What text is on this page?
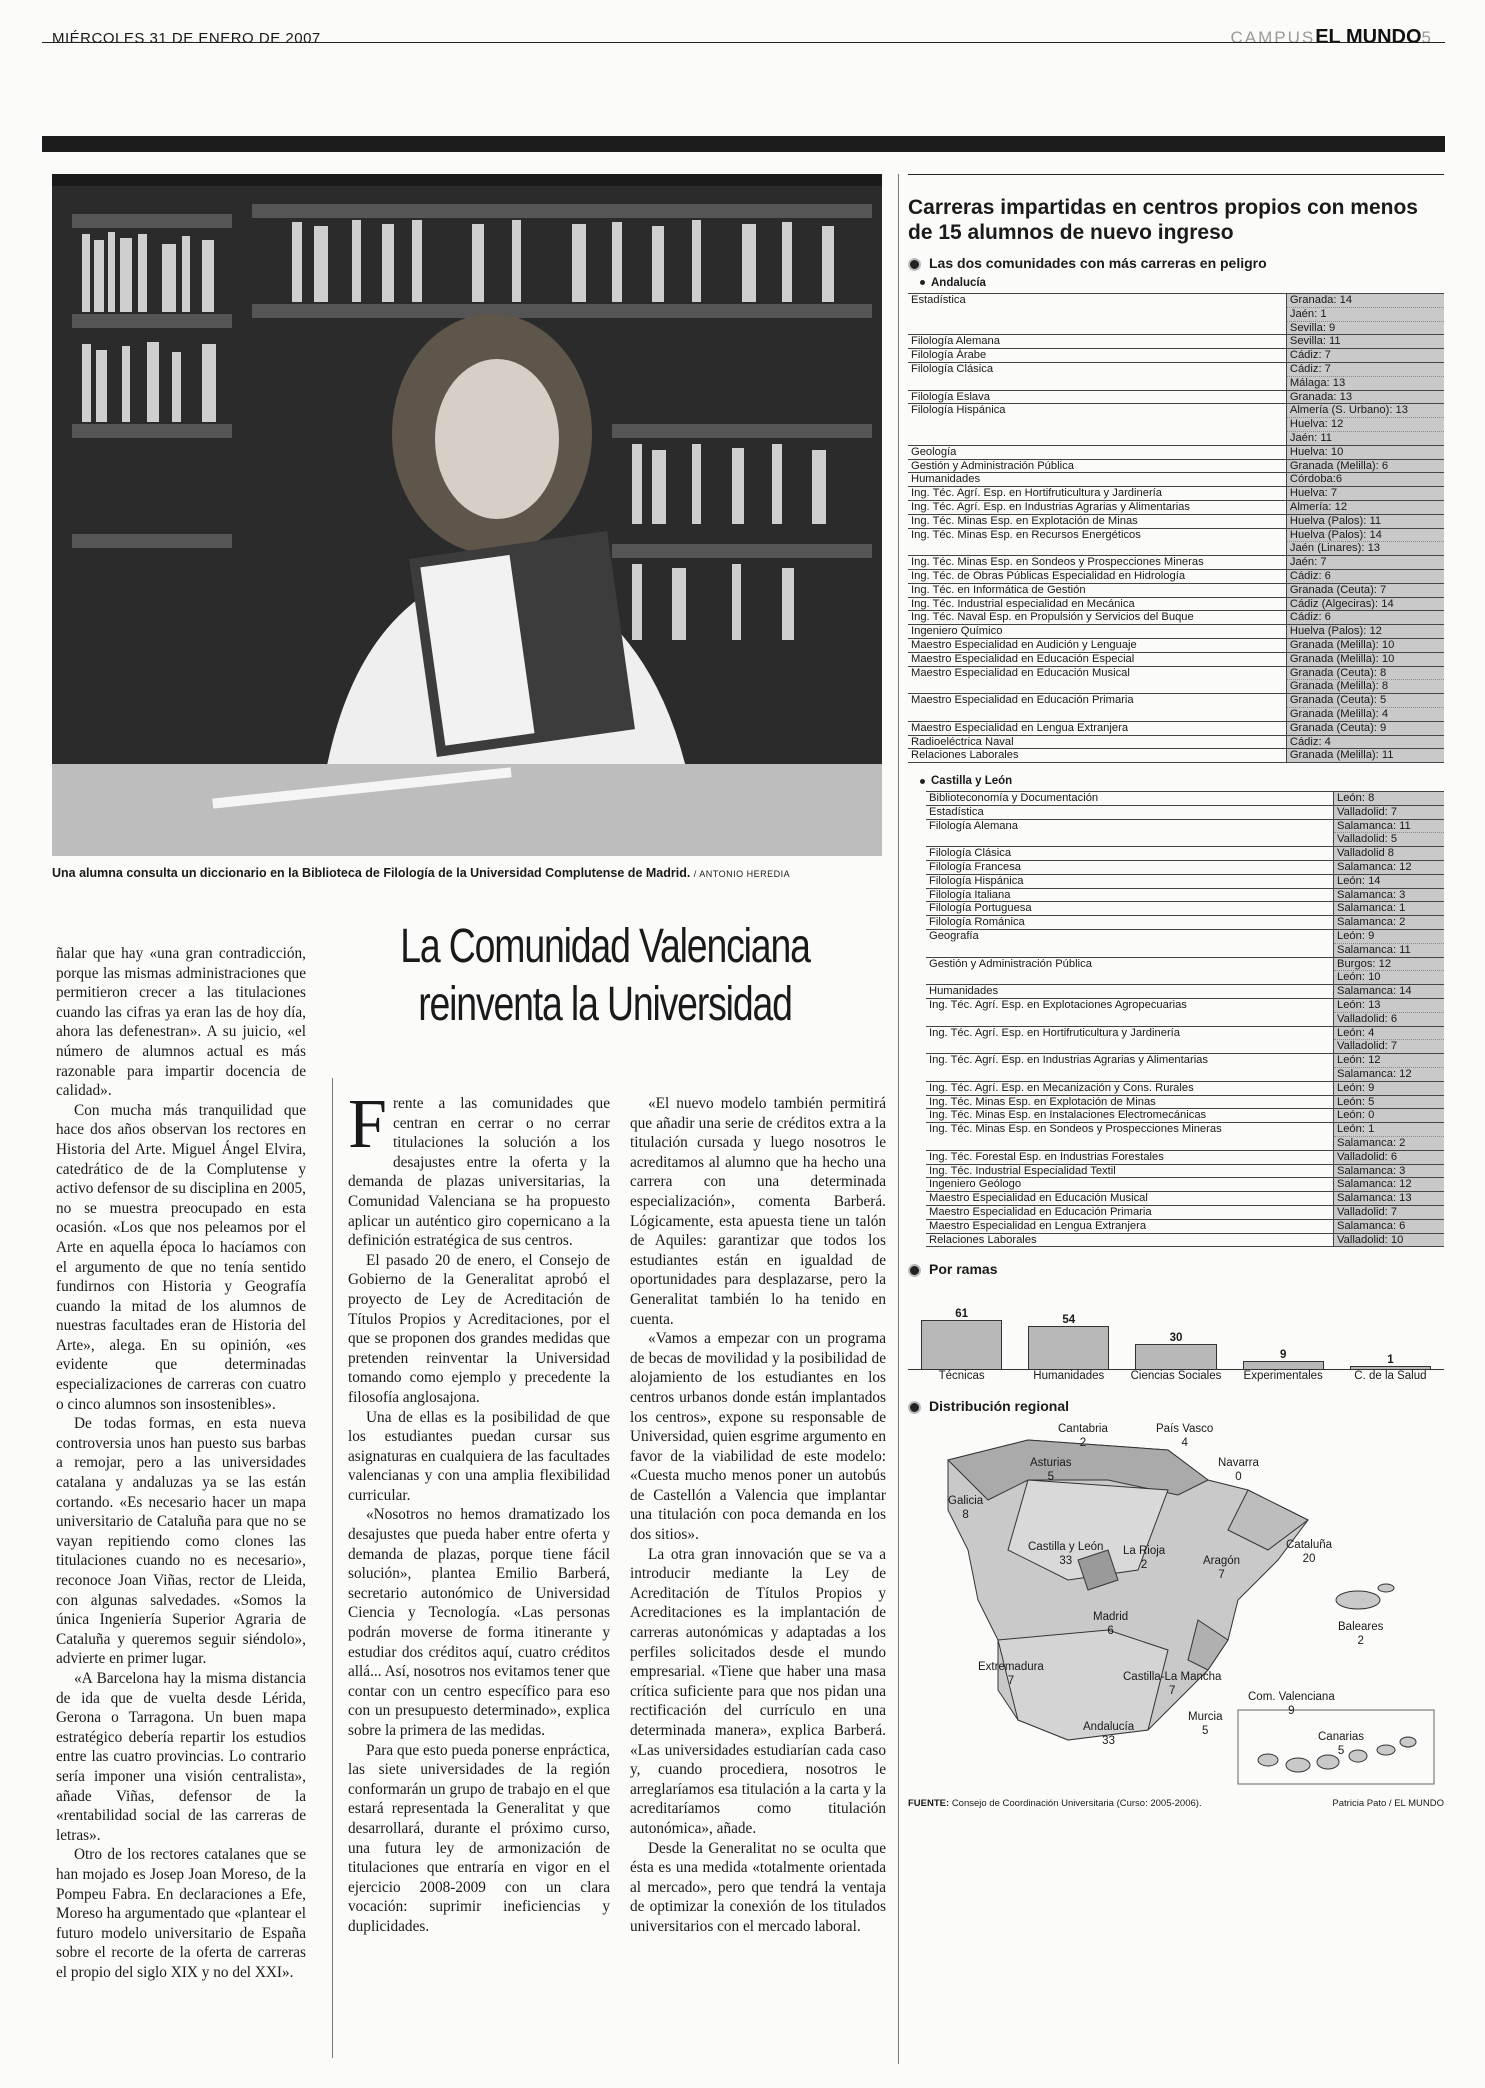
MIÉRCOLES 31 DE ENERO DE 2007	CAMPUSEL MUNDO5
Una alumna consulta un diccionario en la Biblioteca de Filología de la Universidad Complutense de Madrid. / ANTONIO HEREDIA
La Comunidad Valenciana reinventa la Universidad

ñalar que hay «una gran contradicción, porque las mismas administraciones que permitieron crecer a las titulaciones cuando las cifras ya eran las de hoy día, ahora las defenestran». A su juicio, «el número de alumnos actual es más razonable para impartir docencia de calidad».

Con mucha más tranquilidad que hace dos años observan los rectores en Historia del Arte. Miguel Ángel Elvira, catedrático de de la Complutense y activo defensor de su disciplina en 2005, no se muestra preocupado en esta ocasión. «Los que nos peleamos por el Arte en aquella época lo hacíamos con el argumento de que no tenía sentido fundirnos con Historia y Geografía cuando la mitad de los alumnos de nuestras facultades eran de Historia del Arte», alega. En su opinión, «es evidente que determinadas especializaciones de carreras con cuatro o cinco alumnos son insostenibles».

De todas formas, en esta nueva controversia unos han puesto sus barbas a remojar, pero a las universidades catalana y andaluzas ya se las están cortando. «Es necesario hacer un mapa universitario de Cataluña para que no se vayan repitiendo como clones las titulaciones cuando no es necesario», reconoce Joan Viñas, rector de Lleida, con algunas salvedades. «Somos la única Ingeniería Superior Agraria de Cataluña y queremos seguir siéndolo», advierte en primer lugar.

«A Barcelona hay la misma distancia de ida que de vuelta desde Lérida, Gerona o Tarragona. Un buen mapa estratégico debería repartir los estudios entre las cuatro provincias. Lo contrario sería imponer una visión centralista», añade Viñas, defensor de la «rentabilidad social de las carreras de letras».

Otro de los rectores catalanes que se han mojado es Josep Joan Moreso, de la Pompeu Fabra. En declaraciones a Efe, Moreso ha argumentado que «plantear el futuro modelo universitario de España sobre el recorte de la oferta de carreras el propio del siglo XIX y no del XXI».

Frente a las comunidades que centran en cerrar o no cerrar titulaciones la solución a los desajustes entre la oferta y la demanda de plazas universitarias, la Comunidad Valenciana se ha propuesto aplicar un auténtico giro copernicano a la definición estratégica de sus centros.

El pasado 20 de enero, el Consejo de Gobierno de la Generalitat aprobó el proyecto de Ley de Acreditación de Títulos Propios y Acreditaciones, por el que se proponen dos grandes medidas que pretenden reinventar la Universidad tomando como ejemplo y precedente la filosofía anglosajona.

Una de ellas es la posibilidad de que los estudiantes puedan cursar sus asignaturas en cualquiera de las facultades valencianas y con una amplia flexibilidad curricular.

«Nosotros no hemos dramatizado los desajustes que pueda haber entre oferta y demanda de plazas, porque tiene fácil solución», plantea Emilio Barberá, secretario autonómico de Universidad Ciencia y Tecnología. «Las personas podrán moverse de forma itinerante y estudiar dos créditos aquí, cuatro créditos allá... Así, nosotros nos evitamos tener que contar con un centro específico para eso con un presupuesto determinado», explica sobre la primera de las medidas.

Para que esto pueda ponerse enpráctica, las siete universidades de la región conformarán un grupo de trabajo en el que estará representada la Generalitat y que desarrollará, durante el próximo curso, una futura ley de armonización de titulaciones que entraría en vigor en el ejercicio 2008-2009 con un clara vocación: suprimir ineficiencias y duplicidades.

«El nuevo modelo también permitirá que añadir una serie de créditos extra a la titulación cursada y luego nosotros le acreditamos al alumno que ha hecho una carrera con una determinada especialización», comenta Barberá. Lógicamente, esta apuesta tiene un talón de Aquiles: garantizar que todos los estudiantes están en igualdad de oportunidades para desplazarse, pero la Generalitat también lo ha tenido en cuenta.

«Vamos a empezar con un programa de becas de movilidad y la posibilidad de alojamiento de los estudiantes en los centros urbanos donde están implantados los centros», expone su responsable de Universidad, quien esgrime argumento en favor de la viabilidad de este modelo: «Cuesta mucho menos poner un autobús de Castellón a Valencia que implantar una titulación con poca demanda en los dos sitios».

La otra gran innovación que se va a introducir mediante la Ley de Acreditación de Títulos Propios y Acreditaciones es la implantación de carreras autonómicas y adaptadas a los perfiles solicitados desde el mundo empresarial. «Tiene que haber una masa crítica suficiente para que nos pidan una rectificación del currículo en una determinada manera», explica Barberá. «Las universidades estudiarían cada caso y, cuando procediera, nosotros le arreglaríamos esa titulación a la carta y la acreditaríamos como titulación autonómica», añade.

Desde la Generalitat no se oculta que ésta es una medida «totalmente orientada al mercado», pero que tendrá la ventaja de optimizar la conexión de los titulados universitarios con el mercado laboral.

Carreras impartidas en centros propios con menos de 15 alumnos de nuevo ingreso
Las dos comunidades con más carreras en peligro
Andalucía
Estadística	Granada: 14
	Jaén: 1
	Sevilla: 9
Filología Alemana	Sevilla: 11
Filología Árabe	Cádiz: 7
Filología Clásica	Cádiz: 7
	Málaga: 13
Filología Eslava	Granada: 13
Filología Hispánica	Almería (S. Urbano): 13
	Huelva: 12
	Jaén: 11
Geología	Huelva: 10
Gestión y Administración Pública	Granada (Melilla): 6
Humanidades	Córdoba:6
Ing. Téc. Agrí. Esp. en Hortifruticultura y Jardinería	Huelva: 7
Ing. Téc. Agrí. Esp. en Industrias Agrarias y Alimentarias	Almería: 12
Ing. Téc. Minas Esp. en Explotación de Minas	Huelva (Palos): 11
Ing. Téc. Minas Esp. en Recursos Energéticos	Huelva (Palos): 14
	Jaén (Linares): 13
Ing. Téc. Minas Esp. en Sondeos y Prospecciones Mineras	Jaén: 7
Ing. Téc. de Obras Públicas Especialidad en Hidrología	Cádiz: 6
Ing. Téc. en Informática de Gestión	Granada (Ceuta): 7
Ing. Téc. Industrial especialidad en Mecánica	Cádiz (Algeciras): 14
Ing. Téc. Naval Esp. en Propulsión y Servicios del Buque	Cádiz: 6
Ingeniero Químico	Huelva (Palos): 12
Maestro Especialidad en Audición y Lenguaje	Granada (Melilla): 10
Maestro Especialidad en Educación Especial	Granada (Melilla): 10
Maestro Especialidad en Educación Musical	Granada (Ceuta): 8
	Granada (Melilla): 8
Maestro Especialidad en Educación Primaria	Granada (Ceuta): 5
	Granada (Melilla): 4
Maestro Especialidad en Lengua Extranjera	Granada (Ceuta): 9
Radioeléctrica Naval	Cádiz: 4
Relaciones Laborales	Granada (Melilla): 11
Castilla y León
Biblioteconomía y Documentación	León: 8
Estadística	Valladolid: 7
Filología Alemana	Salamanca: 11
	Valladolid: 5
Filología Clásica	Valladolid 8
Filología Francesa	Salamanca: 12
Filología Hispánica	León: 14
Filología Italiana	Salamanca: 3
Filología Portuguesa	Salamanca: 1
Filología Románica	Salamanca: 2
Geografía	León: 9
	Salamanca: 11
Gestión y Administración Pública	Burgos: 12
	León: 10
Humanidades	Salamanca: 14
Ing. Téc. Agrí. Esp. en Explotaciones Agropecuarias	León: 13
	Valladolid: 6
Ing. Téc. Agrí. Esp. en Hortifruticultura y Jardinería	León: 4
	Valladolid: 7
Ing. Téc. Agrí. Esp. en Industrias Agrarias y Alimentarias	León: 12
	Salamanca: 12
Ing. Téc. Agrí. Esp. en Mecanización y Cons. Rurales	León: 9
Ing. Téc. Minas Esp. en Explotación de Minas	León: 5
Ing. Téc. Minas Esp. en Instalaciones Electromecánicas	León: 0
Ing. Téc. Minas Esp. en Sondeos y Prospecciones Mineras	León: 1
	Salamanca: 2
Ing. Téc. Forestal Esp. en Industrias Forestales	Valladolid: 6
Ing. Téc. Industrial Especialidad Textil	Salamanca: 3
Ingeniero Geólogo	Salamanca: 12
Maestro Especialidad en Educación Musical	Salamanca: 13
Maestro Especialidad en Educación Primaria	Valladolid: 7
Maestro Especialidad en Lengua Extranjera	Salamanca: 6
Relaciones Laborales	Valladolid: 10
Por ramas
61	54
30
9	1
Técnicas	Humanidades	Ciencias Sociales	Experimentales	C. de la Salud
Distribución regional
Cantabria
2
País Vasco
4
Navarra
0
Asturias
5
Galicia
8
Castilla y León
33
La Rioja
2	Aragón
7
Cataluña
20
Baleares
2
Madrid
6
Extremadura
7	Castilla-La Mancha
7	Com. Valenciana
9
Murcia
5
Andalucía
33	Canarias
5
FUENTE: Consejo de Coordinación Universitaria (Curso: 2005-2006).	Patricia Pato / EL MUNDO
